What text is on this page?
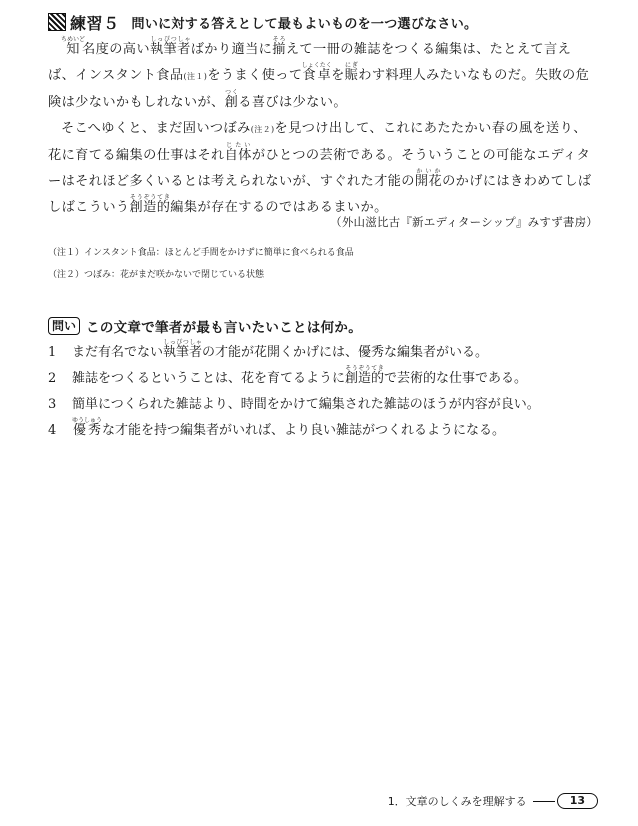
練習５ 問いに対する答えとして最もよいものを一つ選びなさい。

知ちめいど名度の高い執筆者しっぴつしゃばかり適当に揃そろえて一冊の雑誌をつくる編集は、たとえて言えば、インスタント食品(注１)をうまく使って食卓しょくたくを賑にぎわす料理人みたいなものだ。失敗の危険は少ないかもしれないが、創つくる喜びは少ない。

そこへゆくと、まだ固いつぼみ(注２)を見つけ出して、これにあたたかい春の風を送り、花に育てる編集の仕事はそれ自体じたいがひとつの芸術である。そういうことの可能なエディターはそれほど多くいるとは考えられないが、すぐれた才能の開花かいかのかげにはきわめてしばしばこういう創造的そうぞうてき編集が存在するのではあるまいか。

（外山滋比古『新エディターシップ』みすず書房）
（注１）インスタント食品：ほとんど手間をかけずに簡単に食べられる食品
（注２）つぼみ：花がまだ咲かないで閉じている状態
問い この文章で筆者が最も言いたいことは何か。
1	まだ有名でない 執筆者しっぴつしゃ
の才能が花開くかげには、優秀な編集者がいる。
2	雑誌をつくるということは、花を育てるように 創造的そうぞうてき
で芸術的な仕事である。
3	簡単につくられた雑誌より、時間をかけて編集された雑誌のほうが内容が良い。
4	優秀ゆうしゅう
な才能を持つ編集者がいれば、より良い雑誌がつくれるようになる。
1．文章のしくみを理解する	13
